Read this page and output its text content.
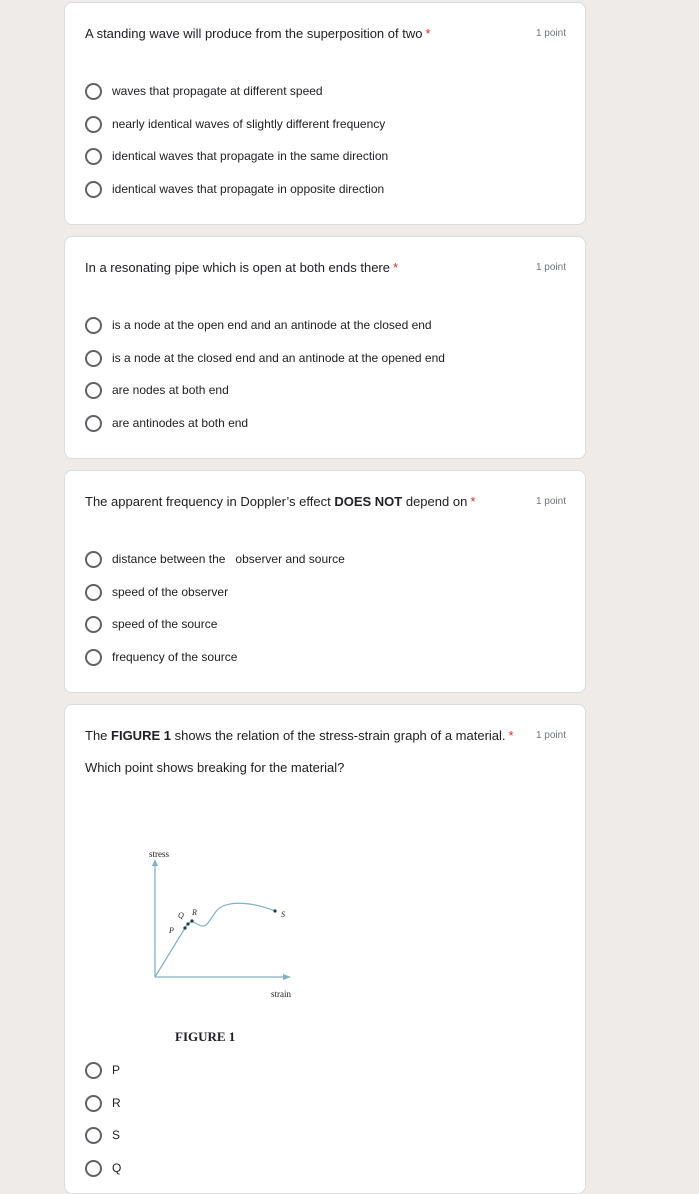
A standing wave will produce from the superposition of two *	1 point
waves that propagate at different speed
nearly identical waves of slightly different frequency
identical waves that propagate in the same direction
identical waves that propagate in opposite direction
In a resonating pipe which is open at both ends there *	1 point
is a node at the open end and an antinode at the closed end
is a node at the closed end and an antinode at the opened end
are nodes at both end
are antinodes at both end
The apparent frequency in Doppler’s effect DOES NOT depend on *	1 point
distance between the   observer and source
speed of the observer
speed of the source
frequency of the source
The FIGURE 1 shows the relation of the stress-strain graph of a material. *	1 point
Which point shows breaking for the material?
stress
strain
P
Q R	S
FIGURE 1
P
R
S
Q
